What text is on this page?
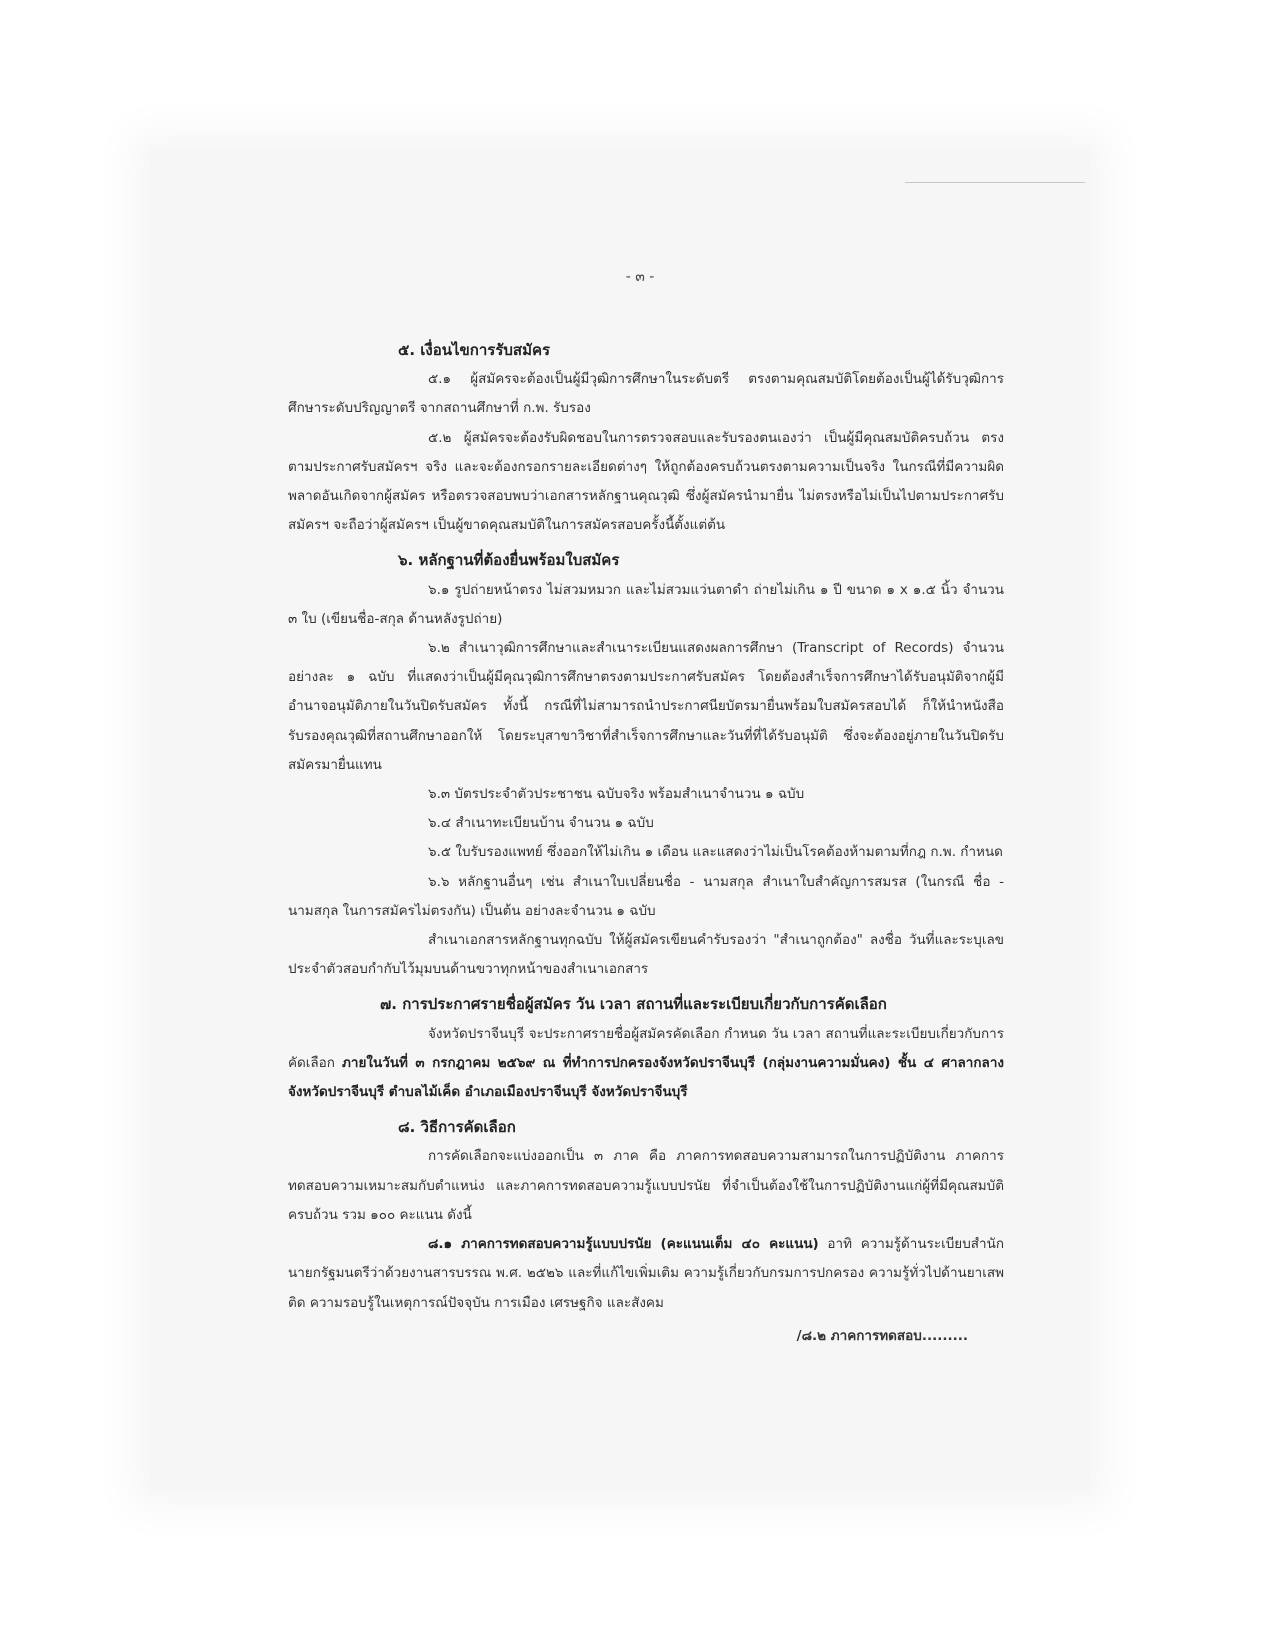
- ๓ -
๕. เงื่อนไขการรับสมัคร
๕.๑ ผู้สมัครจะต้องเป็นผู้มีวุฒิการศึกษาในระดับตรี ตรงตามคุณสมบัติโดยต้องเป็นผู้ได้รับวุฒิการศึกษาระดับปริญญาตรี จากสถานศึกษาที่ ก.พ. รับรอง
๕.๒ ผู้สมัครจะต้องรับผิดชอบในการตรวจสอบและรับรองตนเองว่า เป็นผู้มีคุณสมบัติครบถ้วน ตรงตามประกาศรับสมัครฯ จริง และจะต้องกรอกรายละเอียดต่างๆ ให้ถูกต้องครบถ้วนตรงตามความเป็นจริง ในกรณีที่มีความผิดพลาดอันเกิดจากผู้สมัคร หรือตรวจสอบพบว่าเอกสารหลักฐานคุณวุฒิ ซึ่งผู้สมัครนำมายื่น ไม่ตรงหรือไม่เป็นไปตามประกาศรับสมัครฯ จะถือว่าผู้สมัครฯ เป็นผู้ขาดคุณสมบัติในการสมัครสอบครั้งนี้ตั้งแต่ต้น
๖. หลักฐานที่ต้องยื่นพร้อมใบสมัคร
๖.๑ รูปถ่ายหน้าตรง ไม่สวมหมวก และไม่สวมแว่นตาดำ ถ่ายไม่เกิน ๑ ปี ขนาด ๑ x ๑.๕ นิ้ว จำนวน ๓ ใบ (เขียนชื่อ-สกุล ด้านหลังรูปถ่าย)
๖.๒ สำเนาวุฒิการศึกษาและสำเนาระเบียนแสดงผลการศึกษา (Transcript of Records) จำนวนอย่างละ ๑ ฉบับ ที่แสดงว่าเป็นผู้มีคุณวุฒิการศึกษาตรงตามประกาศรับสมัคร โดยต้องสำเร็จการศึกษาได้รับอนุมัติจากผู้มีอำนาจอนุมัติภายในวันปิดรับสมัคร ทั้งนี้ กรณีที่ไม่สามารถนำประกาศนียบัตรมายื่นพร้อมใบสมัครสอบได้ ก็ให้นำหนังสือรับรองคุณวุฒิที่สถานศึกษาออกให้ โดยระบุสาขาวิชาที่สำเร็จการศึกษาและวันที่ที่ได้รับอนุมัติ ซึ่งจะต้องอยู่ภายในวันปิดรับสมัครมายื่นแทน
๖.๓ บัตรประจำตัวประชาชน ฉบับจริง พร้อมสำเนาจำนวน ๑ ฉบับ
๖.๔ สำเนาทะเบียนบ้าน จำนวน ๑ ฉบับ
๖.๕ ใบรับรองแพทย์ ซึ่งออกให้ไม่เกิน ๑ เดือน และแสดงว่าไม่เป็นโรคต้องห้ามตามที่กฎ ก.พ. กำหนด
๖.๖ หลักฐานอื่นๆ เช่น สำเนาใบเปลี่ยนชื่อ - นามสกุล สำเนาใบสำคัญการสมรส (ในกรณี ชื่อ - นามสกุล ในการสมัครไม่ตรงกัน) เป็นต้น อย่างละจำนวน ๑ ฉบับ
สำเนาเอกสารหลักฐานทุกฉบับ ให้ผู้สมัครเขียนคำรับรองว่า "สำเนาถูกต้อง" ลงชื่อ วันที่และระบุเลขประจำตัวสอบกำกับไว้มุมบนด้านขวาทุกหน้าของสำเนาเอกสาร
๗. การประกาศรายชื่อผู้สมัคร วัน เวลา สถานที่และระเบียบเกี่ยวกับการคัดเลือก
จังหวัดปราจีนบุรี จะประกาศรายชื่อผู้สมัครคัดเลือก กำหนด วัน เวลา สถานที่และระเบียบเกี่ยวกับการคัดเลือก ภายในวันที่ ๓ กรกฎาคม ๒๕๖๙ ณ ที่ทำการปกครองจังหวัดปราจีนบุรี (กลุ่มงานความมั่นคง) ชั้น ๔ ศาลากลางจังหวัดปราจีนบุรี ตำบลไม้เค็ด อำเภอเมืองปราจีนบุรี จังหวัดปราจีนบุรี
๘. วิธีการคัดเลือก
การคัดเลือกจะแบ่งออกเป็น ๓ ภาค คือ ภาคการทดสอบความสามารถในการปฏิบัติงาน ภาคการทดสอบความเหมาะสมกับตำแหน่ง และภาคการทดสอบความรู้แบบปรนัย ที่จำเป็นต้องใช้ในการปฏิบัติงานแก่ผู้ที่มีคุณสมบัติครบถ้วน รวม ๑๐๐ คะแนน ดังนี้
๘.๑ ภาคการทดสอบความรู้แบบปรนัย (คะแนนเต็ม ๔๐ คะแนน) อาทิ ความรู้ด้านระเบียบสำนักนายกรัฐมนตรีว่าด้วยงานสารบรรณ พ.ศ. ๒๕๒๖ และที่แก้ไขเพิ่มเติม ความรู้เกี่ยวกับกรมการปกครอง ความรู้ทั่วไปด้านยาเสพติด ความรอบรู้ในเหตุการณ์ปัจจุบัน การเมือง เศรษฐกิจ และสังคม
/๘.๒ ภาคการทดสอบ.........
